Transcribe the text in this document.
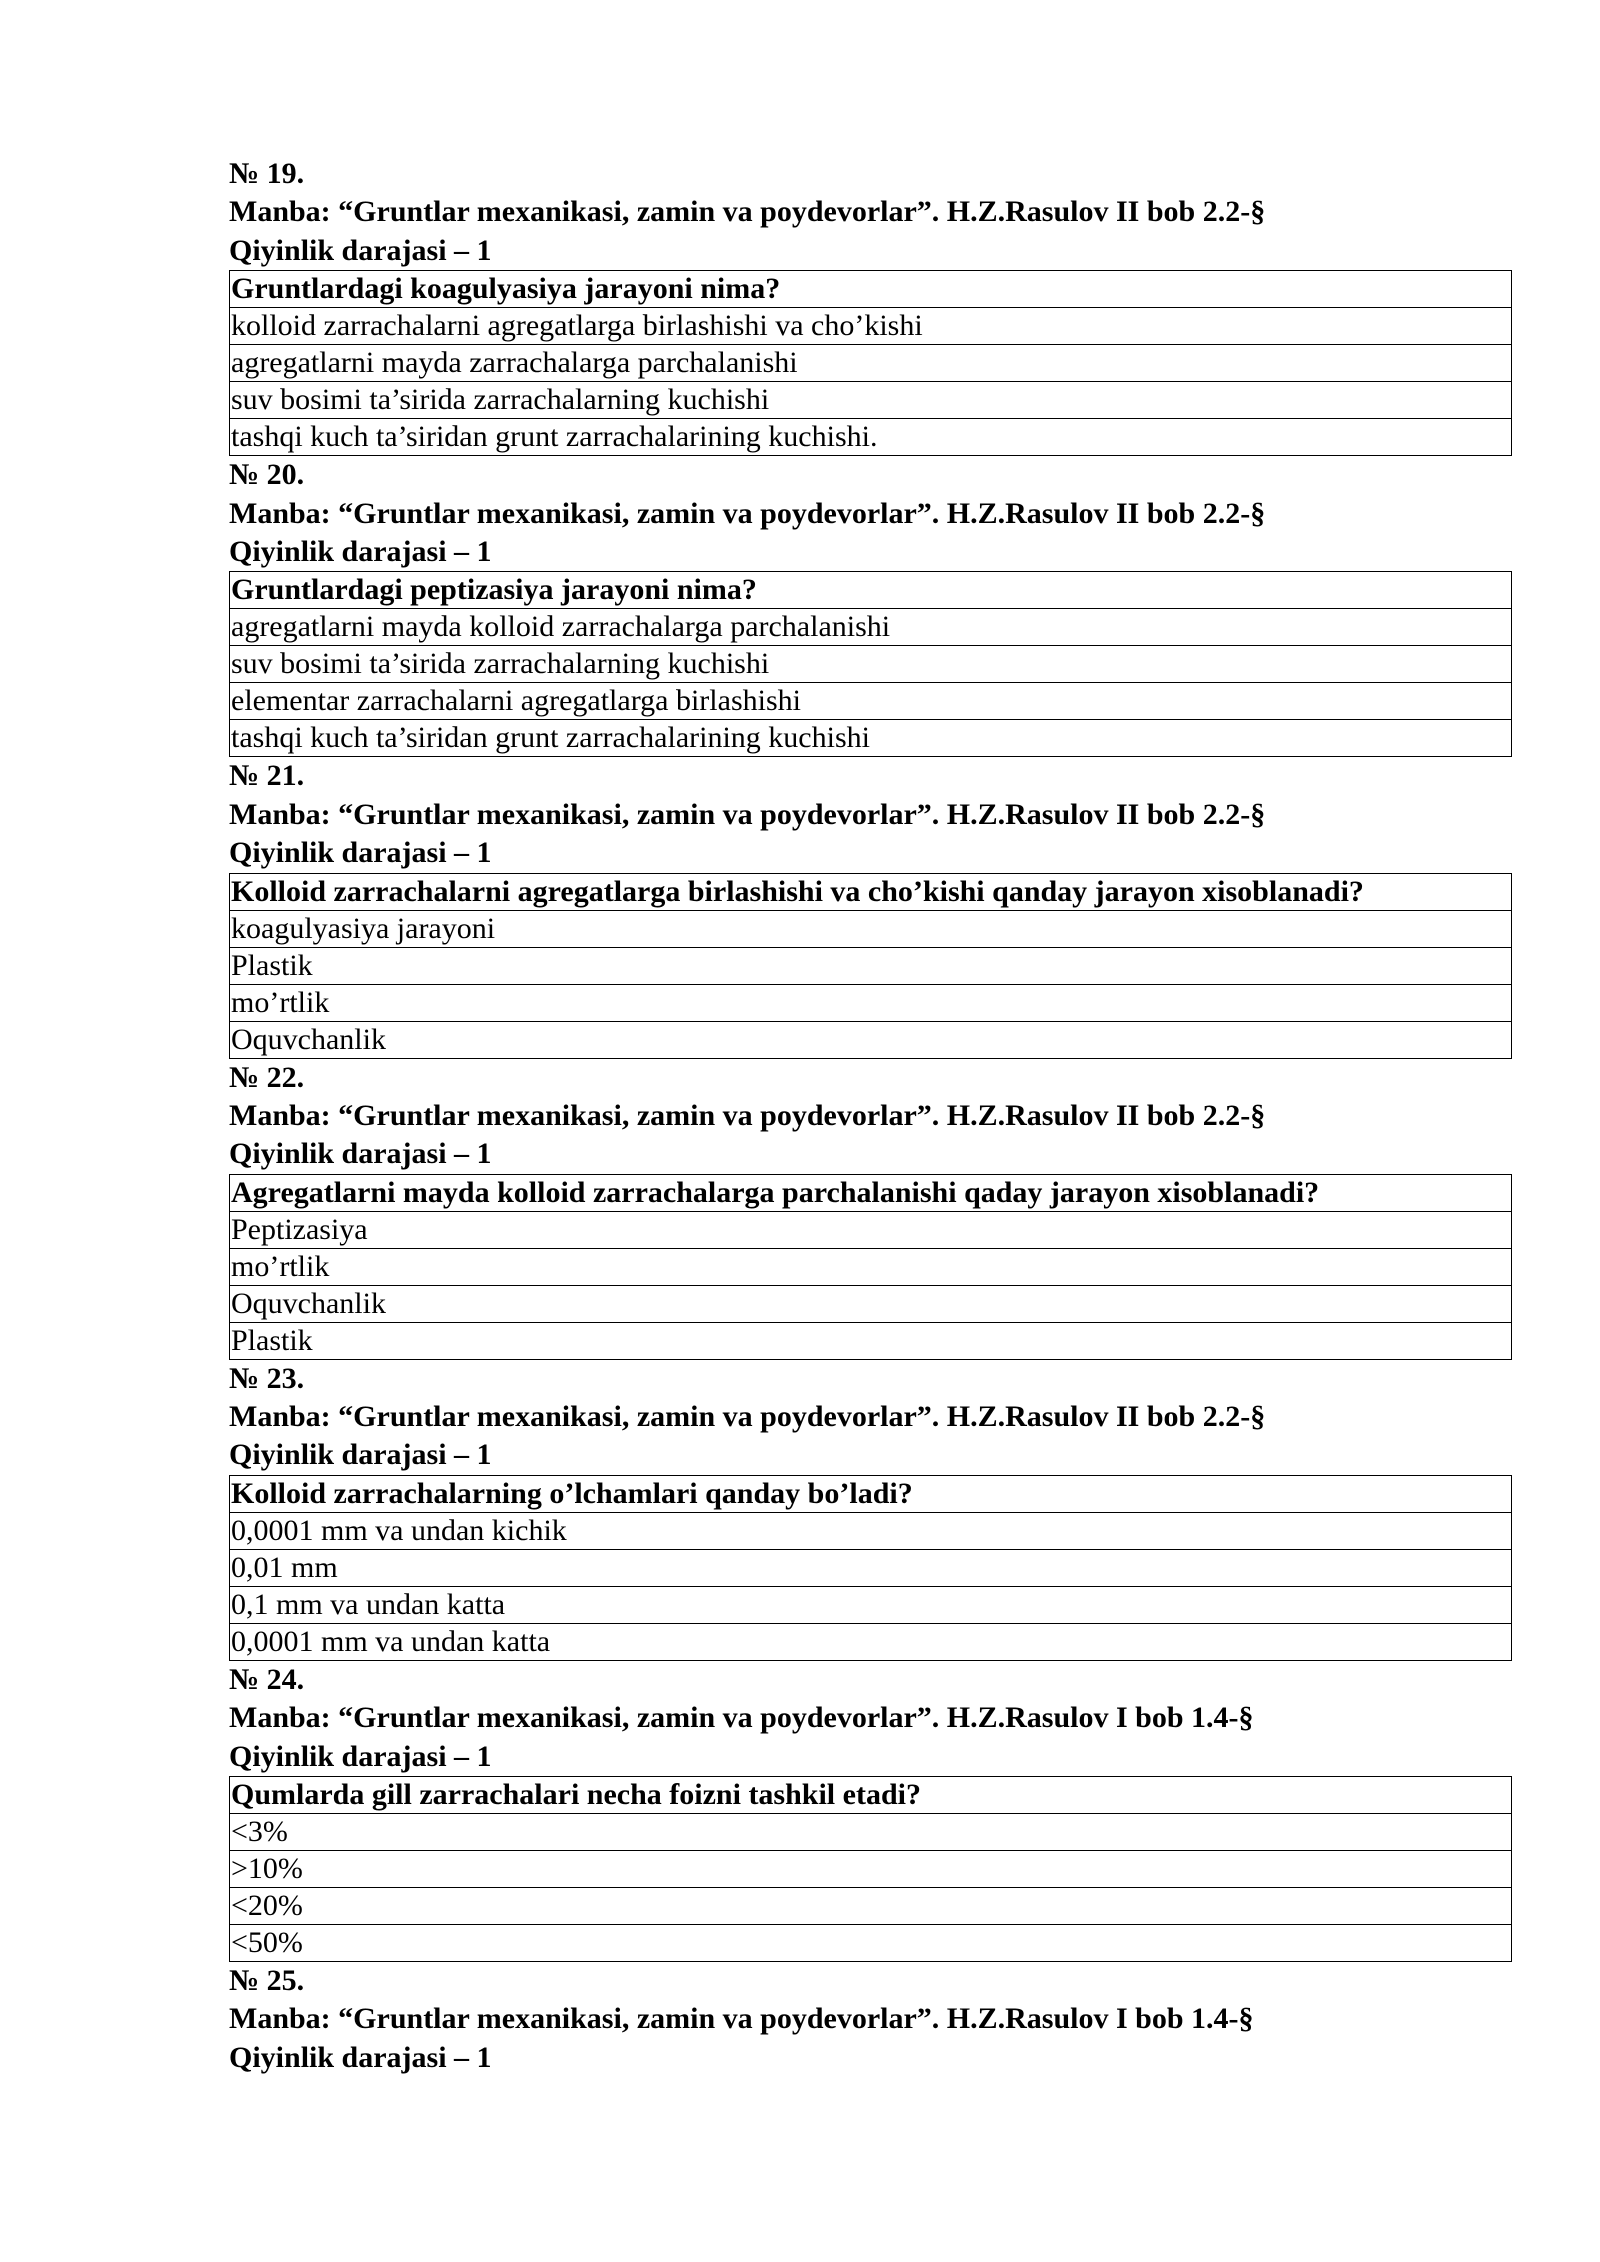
№ 19.
Manba: “Gruntlar mexanikasi, zamin va poydevorlar”. H.Z.Rasulov II bob 2.2-§
Qiyinlik darajasi – 1
Gruntlardagi koagulyasiya jarayoni nima?
kolloid zarrachalarni agregatlarga birlashishi va cho’kishi
agregatlarni mayda zarrachalarga parchalanishi
suv bosimi ta’sirida zarrachalarning kuchishi
tashqi kuch ta’siridan grunt zarrachalarining kuchishi.
№ 20.
Manba: “Gruntlar mexanikasi, zamin va poydevorlar”. H.Z.Rasulov II bob 2.2-§
Qiyinlik darajasi – 1
Gruntlardagi peptizasiya jarayoni nima?
agregatlarni mayda kolloid zarrachalarga parchalanishi
suv bosimi ta’sirida zarrachalarning kuchishi
elementar zarrachalarni agregatlarga birlashishi
tashqi kuch ta’siridan grunt zarrachalarining kuchishi
№ 21.
Manba: “Gruntlar mexanikasi, zamin va poydevorlar”. H.Z.Rasulov II bob 2.2-§
Qiyinlik darajasi – 1
Kolloid zarrachalarni agregatlarga birlashishi va cho’kishi qanday jarayon xisoblanadi?
koagulyasiya jarayoni
Plastik
mo’rtlik
Oquvchanlik
№ 22.
Manba: “Gruntlar mexanikasi, zamin va poydevorlar”. H.Z.Rasulov II bob 2.2-§
Qiyinlik darajasi – 1
Agregatlarni mayda kolloid zarrachalarga parchalanishi qaday jarayon xisoblanadi?
Peptizasiya
mo’rtlik
Oquvchanlik
Plastik
№ 23.
Manba: “Gruntlar mexanikasi, zamin va poydevorlar”. H.Z.Rasulov II bob 2.2-§
Qiyinlik darajasi – 1
Kolloid zarrachalarning o’lchamlari qanday bo’ladi?
0,0001 mm va undan kichik
0,01 mm
0,1 mm va undan katta
0,0001 mm va undan katta
№ 24.
Manba: “Gruntlar mexanikasi, zamin va poydevorlar”. H.Z.Rasulov I bob 1.4-§
Qiyinlik darajasi – 1
Qumlarda gill zarrachalari necha foizni tashkil etadi?
<3%
>10%
<20%
<50%
№ 25.
Manba: “Gruntlar mexanikasi, zamin va poydevorlar”. H.Z.Rasulov I bob 1.4-§
Qiyinlik darajasi – 1
